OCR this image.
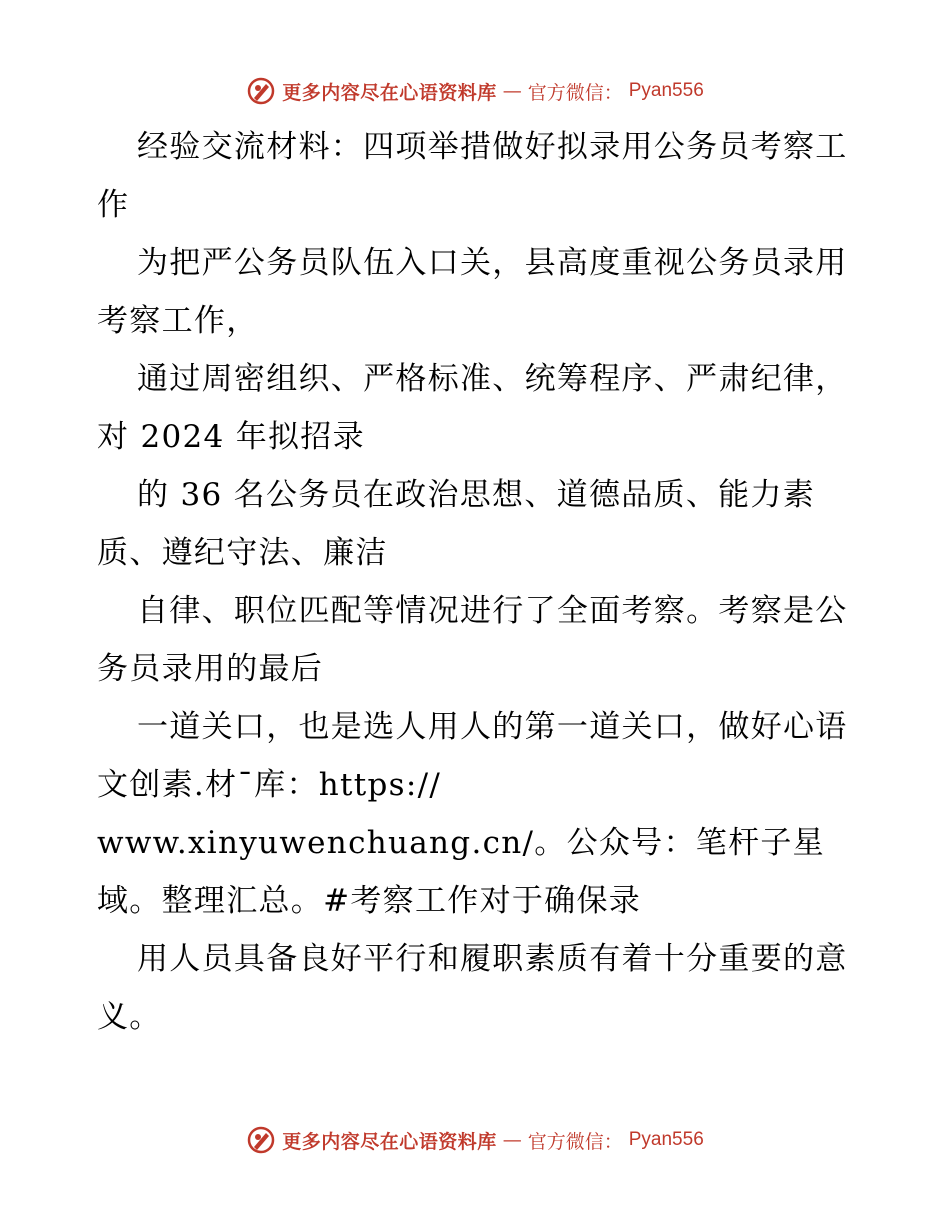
更多内容尽在心语资料库 — 官方微信： Pyan556

经验交流材料：四项举措做好拟录用公务员考察工作

为把严公务员队伍入口关，县高度重视公务员录用考察工作，

通过周密组织、严格标准、统筹程序、严肃纪律，对 2024 年拟招录

的 36 名公务员在政治思想、道德品质、能力素质、遵纪守法、廉洁

自律、职位匹配等情况进行了全面考察。考察是公务员录用的最后

一道关口，也是选人用人的第一道关口，做好心语文创素.材¯库：https://

www.xinyuwenchuang.cn/。公众号：笔杆子星域。整理汇总。#考察工作对于确保录

用人员具备良好平行和履职素质有着十分重要的意义。

更多内容尽在心语资料库 — 官方微信： Pyan556
